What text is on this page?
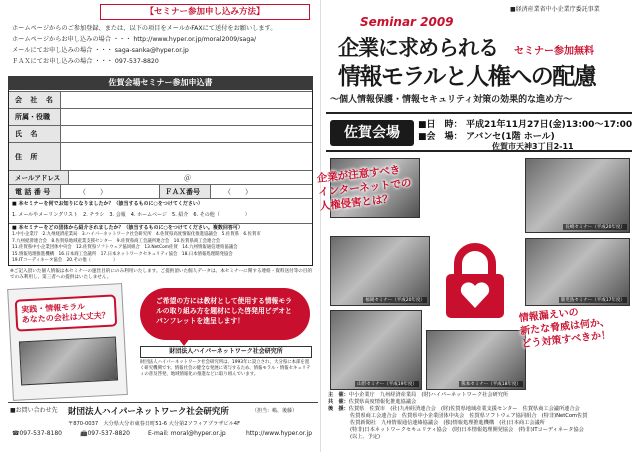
【セミナー参加申し込み方法】
ホームページからのご参加登録、または、以下の項目をメールかFAXにて送付をお願いします。
ホームページからお申し込みの場合 ・・・ http://www.hyper.or.jp/moral2009/saga/
メールにてお申し込みの場合 ・・・ saga-sanka@hyper.or.jp
ＦＡＸにてお申し込みの場合 ・・・ 097-537-8820
会 社 名
所属・役職
氏 名
住 所
メールアドレス	＠
電 話 番 号	（　　）	ＦＡＸ番号	（　　）
■ 本セミナーを何でお知りになりましたか？（該当するものに○をつけてください）
1. メールやメーリングリスト　2. チラシ　3. 会報　4. ホームページ　5. 紹介　6. その他（　　　　　）
■ 本セミナーをどの団体から紹介されましたか？（該当するものに○をつけてください。複数回答可）
1.中小企業庁　2.九州経済産業局　3.ハイパーネットワーク社会研究所　4.佐賀県高度情報化推進協議会　5.佐賀県　6.佐賀市
7.九州経済連合会　8.佐賀県地域産業支援センター　9.佐賀県商工会議所連合会　10.佐賀県商工会連合会
11.佐賀県中小企業団体中央会　12.佐賀県ソフトウェア協同組合　13.NetCom佐賀　14.九州情報通信連絡協議会
15.情報処理推進機構　16.日本商工会議所　17.日本ネットワークセキュリティ協会　18.日本情報処理開発協会
19.ITコーディネータ協会　20.その他（　　　　　）
佐賀会場セミナー参加申込書
※ご記入頂いた個人情報は本セミナーの運営目的にのみ利用いたします。ご提供頂いた個人データは、本セミナーに関する連絡・資料送付等の目的でのみ利用し、第三者への提供はいたしません。
実践・情報モラル
あなたの会社は大丈夫？
ご希望の方には教材として使用する情報モラルの取り組み方を題材にした啓発用ビデオとパンフレットを進呈します！
財団法人ハイパーネットワーク社会研究所
財団法人ハイパーネットワーク社会研究所は、1993年に設立され、大分県に本部を置く研究機関です。情報社会の健全な発展に寄与するため、情報モラル・情報セキュリティの普及啓発、地域情報化の推進などに取り組んでいます。
■お問い合わせ先 財団法人ハイパーネットワーク社会研究所	（担当：嶋、後藤）
〒870-0037　大分県大分市東春日町51-6 大分第2ソフィアプラザビル4F
☎097-537-8180	📠097-537-8820	E-mail: moral@hyper.or.jp	http://www.hyper.or.jp
■経済産業省中小企業庁委託事業
Seminar 2009
企業に求められる セミナー参加無料
情報モラルと人権への配慮
〜個人情報保護・情報セキュリティ対策の効果的な進め方〜
佐賀会場	■日　時： 平成21年11月27日(金)13:00〜17:00
■会　場： アバンセ(1階 ホール)
佐賀市天神3丁目2-11
長崎セミナー（平成20年度）
福岡セミナー（平成20年度）	鹿児島セミナー（平成17年度）
山形セミナー（平成19年度）	熊本セミナー（平成18年度）
企業が注意すべき
インターネットでの
人権侵害とは？
情報漏えいの
新たな脅威は何か、
どう対策すべきか！
主　催：中小企業庁　九州経済産業局　(財)ハイパーネットワーク社会研究所
共　催：佐賀県高度情報化推進協議会
後　援：佐賀県　佐賀市　(社)九州経済連合会　(財)佐賀県地域産業支援センター　佐賀県商工会議所連合会
佐賀県商工会連合会　佐賀県中小企業団体中央会　佐賀県ソフトウェア協同組合　(特非)NetCom佐賀
佐賀新聞社　九州情報通信連絡協議会　(独)情報処理推進機構　(社)日本商工会議所
(特非)日本ネットワークセキュリティ協会　(財)日本情報処理開発協会　(特非)ITコーディネータ協会
(以上、予定)
